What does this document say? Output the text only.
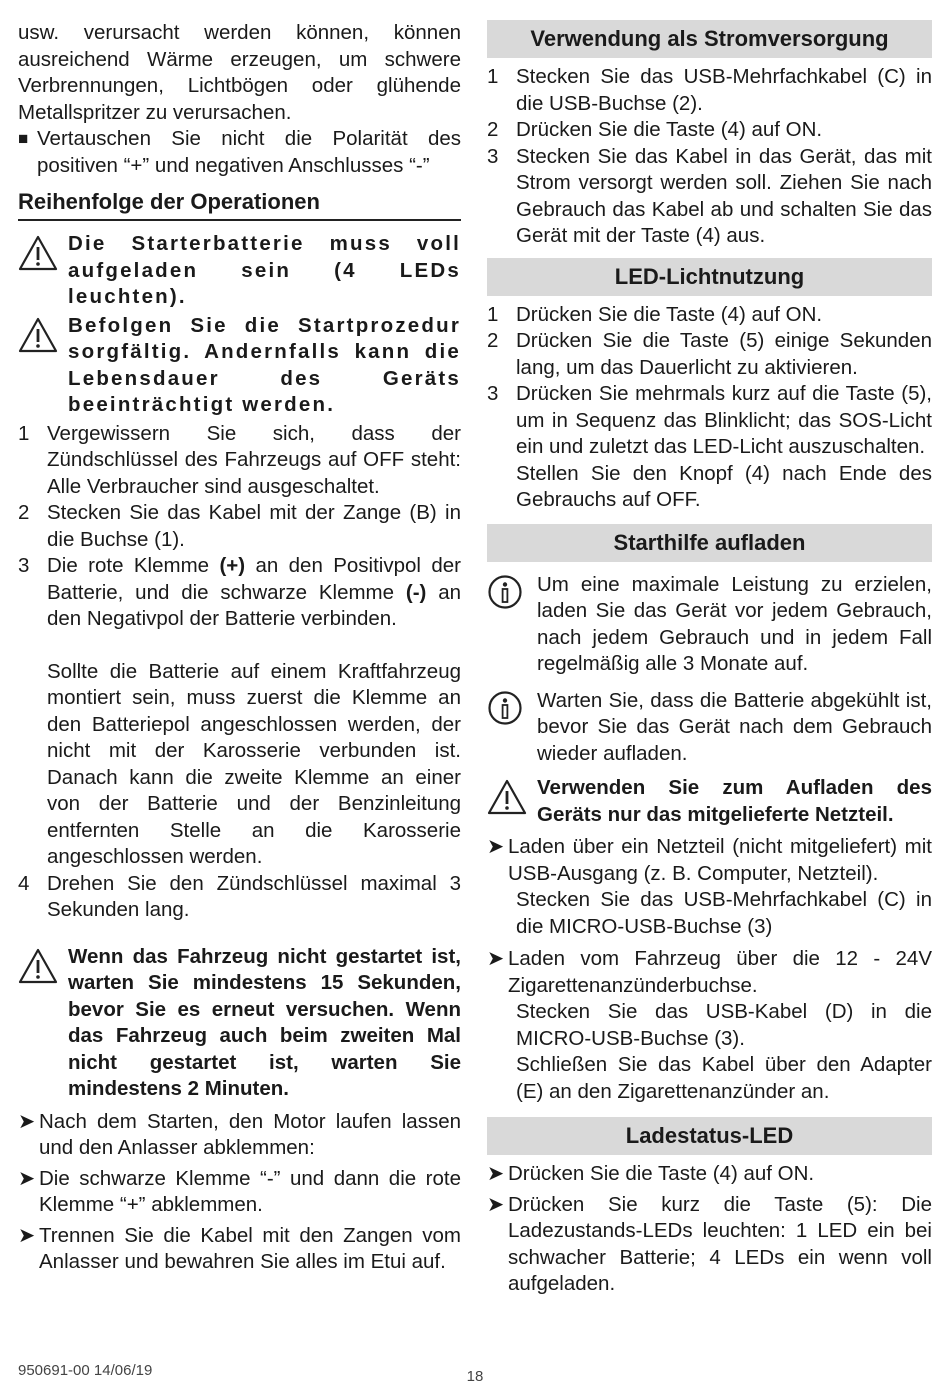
usw. verursacht werden können, können ausreichend Wärme erzeugen, um schwere Verbrennungen, Lichtbögen oder glühende Metallspritzer zu verursachen.

■ Vertauschen Sie nicht die Polarität des positiven “+” und negativen Anschlusses “-”
Reihenfolge der Operationen
Die Starterbatterie muss voll aufgeladen sein (4 LEDs leuchten).
Befolgen Sie die Startprozedur sorgfältig. Andernfalls kann die Lebensdauer des Geräts beeinträchtigt werden.
1 Vergewissern Sie sich, dass der Zündschlüssel des Fahrzeugs auf OFF steht: Alle Verbraucher sind ausgeschaltet.
2 Stecken Sie das Kabel mit der Zange (B) in die Buchse (1).
3 Die rote Klemme (+) an den Positivpol der Batterie, und die schwarze Klemme (-) an den Negativpol der Batterie verbinden.

Sollte die Batterie auf einem Kraftfahrzeug montiert sein, muss zuerst die Klemme an den Batteriepol angeschlossen werden, der nicht mit der Karosserie verbunden ist. Danach kann die zweite Klemme an einer von der Batterie und der Benzinleitung entfernten Stelle an die Karosserie angeschlossen werden.

4 Drehen Sie den Zündschlüssel maximal 3 Sekunden lang.
Wenn das Fahrzeug nicht gestartet ist, warten Sie mindestens 15 Sekunden, bevor Sie es erneut versuchen. Wenn das Fahrzeug auch beim zweiten Mal nicht gestartet ist, warten Sie mindestens 2 Minuten.
➤ Nach dem Starten, den Motor laufen lassen und den Anlasser abklemmen:
➤ Die schwarze Klemme “-” und dann die rote Klemme “+” abklemmen.
➤ Trennen Sie die Kabel mit den Zangen vom Anlasser und bewahren Sie alles im Etui auf.
Verwendung als Stromversorgung
1 Stecken Sie das USB-Mehrfachkabel (C) in die USB-Buchse (2).
2 Drücken Sie die Taste (4) auf ON.
3 Stecken Sie das Kabel in das Gerät, das mit Strom versorgt werden soll. Ziehen Sie nach Gebrauch das Kabel ab und schalten Sie das Gerät mit der Taste (4) aus.
LED-Lichtnutzung
1 Drücken Sie die Taste (4) auf ON.
2 Drücken Sie die Taste (5) einige Sekunden lang, um das Dauerlicht zu aktivieren.
3 Drücken Sie mehrmals kurz auf die Taste (5), um in Sequenz das Blinklicht; das SOS-Licht ein und zuletzt das LED-Licht auszuschalten.

Stellen Sie den Knopf (4) nach Ende des Gebrauchs auf OFF.

Starthilfe aufladen
Um eine maximale Leistung zu erzielen, laden Sie das Gerät vor jedem Gebrauch, nach jedem Gebrauch und in jedem Fall regelmäßig alle 3 Monate auf.
Warten Sie, dass die Batterie abgekühlt ist, bevor Sie das Gerät nach dem Gebrauch wieder aufladen.
Verwenden Sie zum Aufladen des Geräts nur das mitgelieferte Netzteil.
➤ Laden über ein Netzteil (nicht mitgeliefert) mit USB-Ausgang (z. B. Computer, Netzteil).

Stecken Sie das USB-Mehrfachkabel (C) in die MICRO-USB-Buchse (3)

➤ Laden vom Fahrzeug über die 12 - 24V Zigarettenanzünderbuchse.

Stecken Sie das USB-Kabel (D) in die MICRO-USB-Buchse (3).

Schließen Sie das Kabel über den Adapter (E) an den Zigarettenanzünder an.

Ladestatus-LED
➤ Drücken Sie die Taste (4) auf ON.
➤ Drücken Sie kurz die Taste (5): Die Ladezustands-LEDs leuchten: 1 LED ein bei schwacher Batterie; 4 LEDs ein wenn voll aufgeladen.
950691-00 14/06/19	18
